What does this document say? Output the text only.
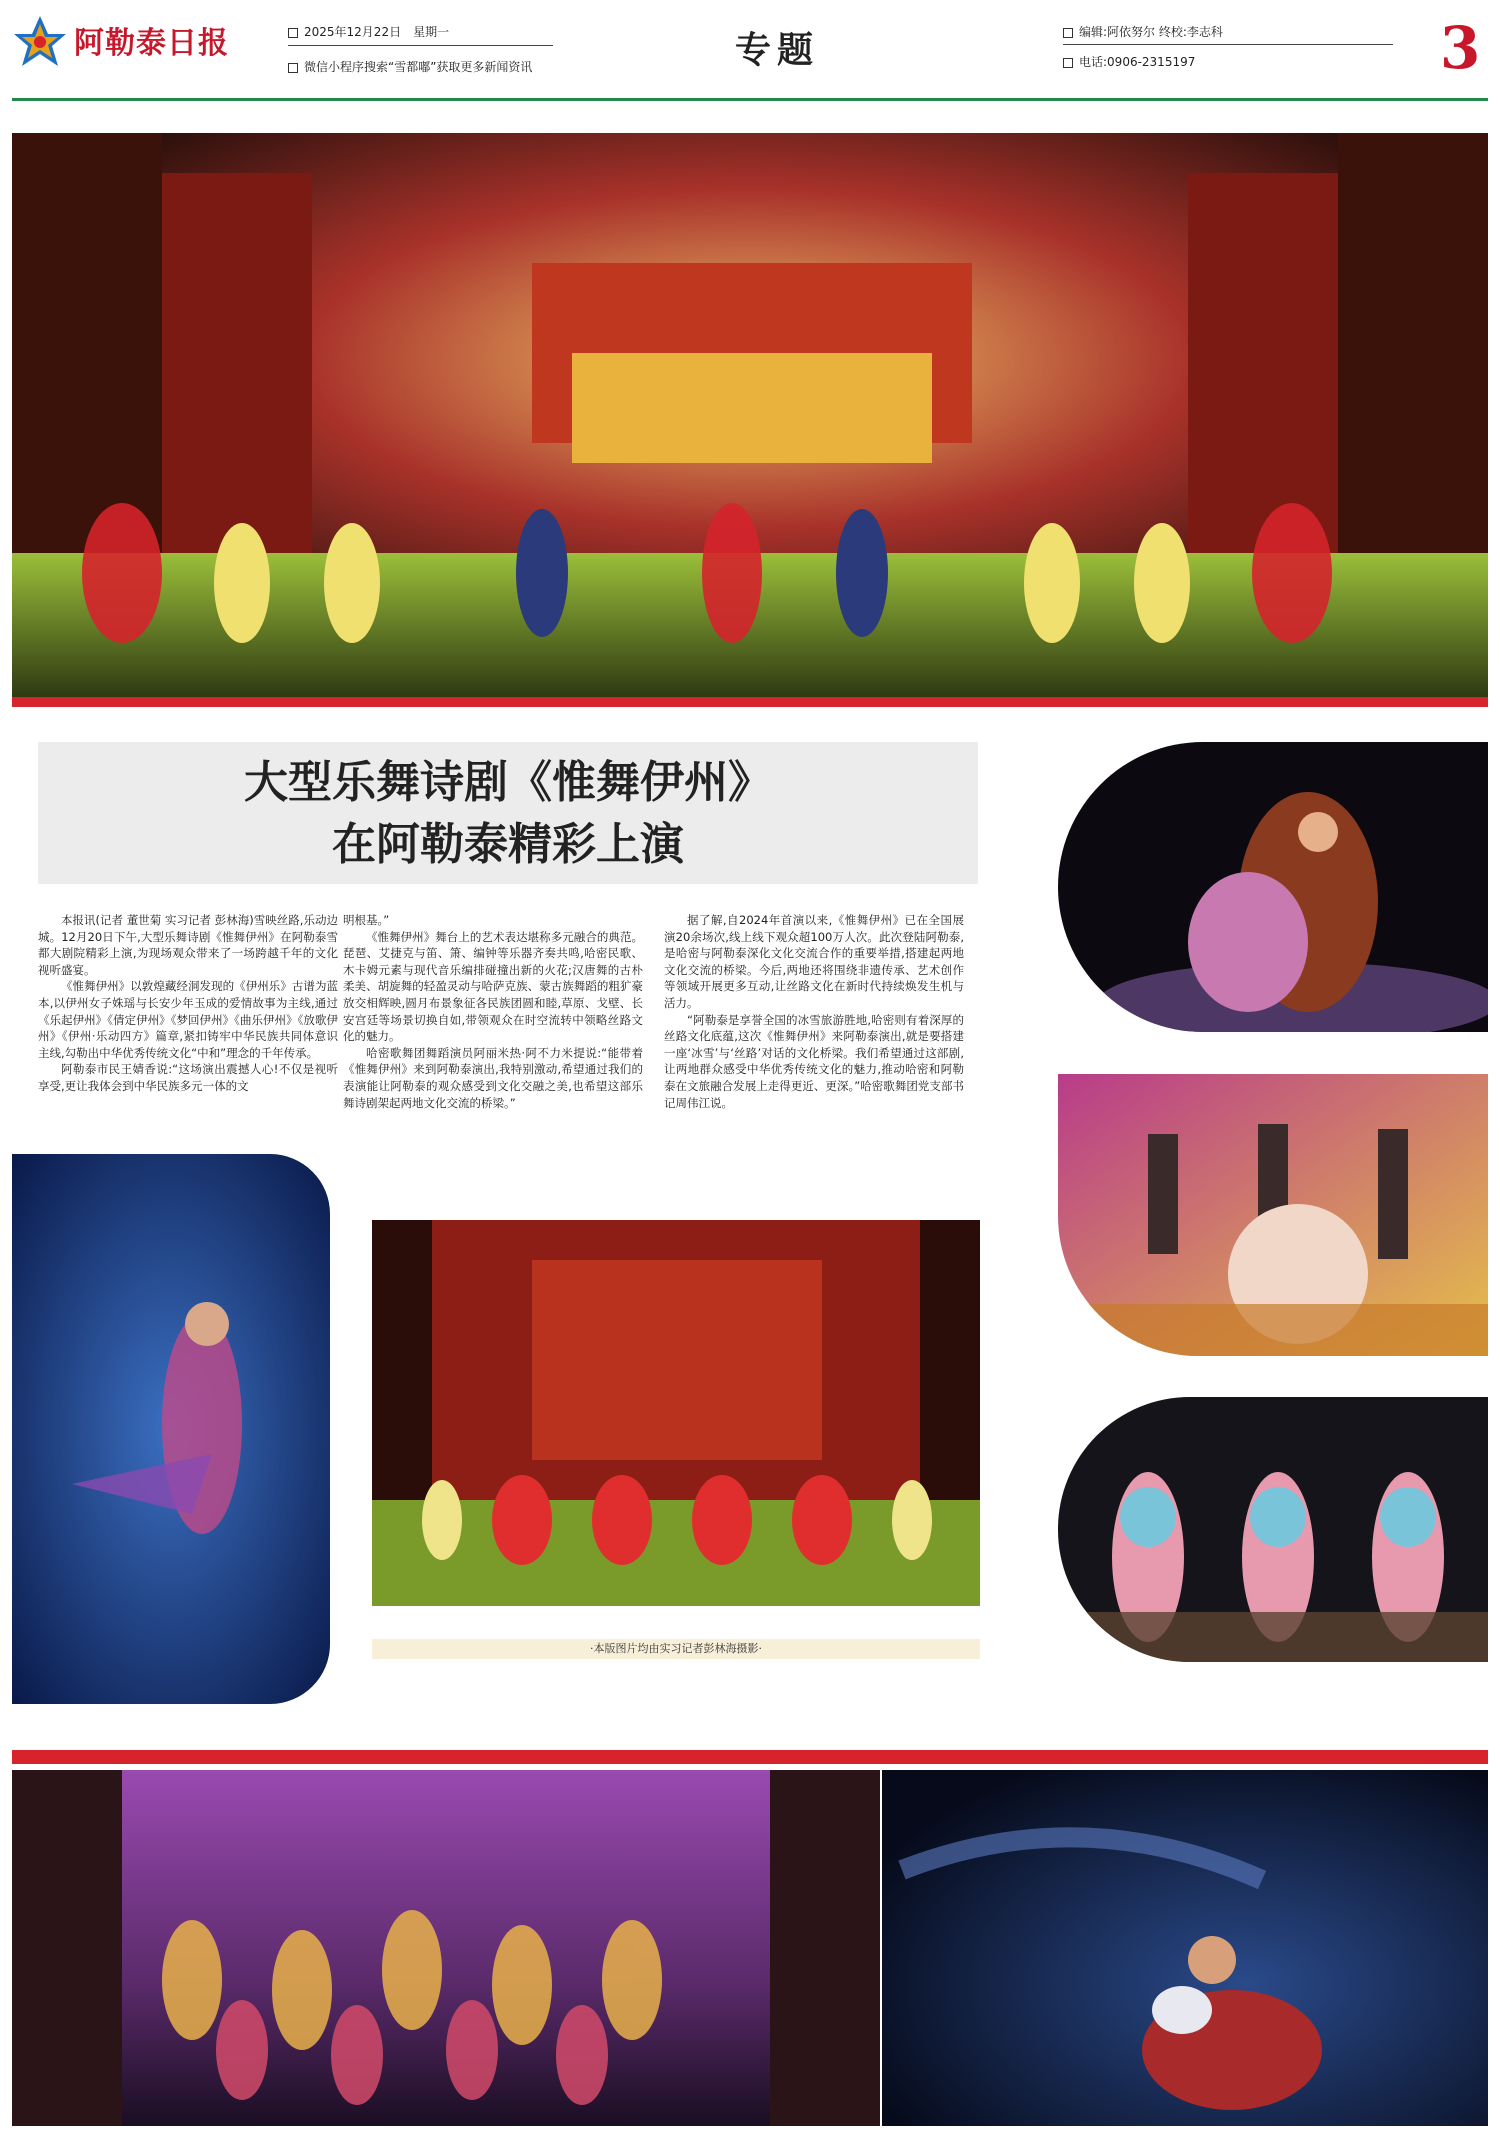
阿勒泰日报	2025年12月22日　星期一
微信小程序搜索“雪都嘟”获取更多新闻资讯	专题	编辑:阿依努尔 终校:李志科
电话:0906-2315197	3
大型乐舞诗剧《惟舞伊州》
在阿勒泰精彩上演

本报讯(记者 董世菊 实习记者 彭林海)雪映丝路,乐动边城。12月20日下午,大型乐舞诗剧《惟舞伊州》在阿勒泰雪都大剧院精彩上演,为现场观众带来了一场跨越千年的文化视听盛宴。

《惟舞伊州》以敦煌藏经洞发现的《伊州乐》古谱为蓝本,以伊州女子姝瑶与长安少年玉成的爱情故事为主线,通过《乐起伊州》《倩定伊州》《梦回伊州》《曲乐伊州》《放歌伊州》《伊州·乐动四方》篇章,紧扣铸牢中华民族共同体意识主线,勾勒出中华优秀传统文化“中和”理念的千年传承。

阿勒泰市民王婧香说:“这场演出震撼人心!不仅是视听享受,更让我体会到中华民族多元一体的文

明根基。”

《惟舞伊州》舞台上的艺术表达堪称多元融合的典范。琵琶、艾捷克与笛、箫、编钟等乐器齐奏共鸣,哈密民歌、木卡姆元素与现代音乐编排碰撞出新的火花;汉唐舞的古朴柔美、胡旋舞的轻盈灵动与哈萨克族、蒙古族舞蹈的粗犷豪放交相辉映,圆月布景象征各民族团圆和睦,草原、戈壁、长安宫廷等场景切换自如,带领观众在时空流转中领略丝路文化的魅力。

哈密歌舞团舞蹈演员阿丽米热·阿不力米提说:“能带着《惟舞伊州》来到阿勒泰演出,我特别激动,希望通过我们的表演能让阿勒泰的观众感受到文化交融之美,也希望这部乐舞诗剧架起两地文化交流的桥梁。”

据了解,自2024年首演以来,《惟舞伊州》已在全国展演20余场次,线上线下观众超100万人次。此次登陆阿勒泰,是哈密与阿勒泰深化文化交流合作的重要举措,搭建起两地文化交流的桥梁。今后,两地还将围绕非遗传承、艺术创作等领域开展更多互动,让丝路文化在新时代持续焕发生机与活力。

“阿勒泰是享誉全国的冰雪旅游胜地,哈密则有着深厚的丝路文化底蕴,这次《惟舞伊州》来阿勒泰演出,就是要搭建一座‘冰雪’与‘丝路’对话的文化桥梁。我们希望通过这部剧,让两地群众感受中华优秀传统文化的魅力,推动哈密和阿勒泰在文旅融合发展上走得更近、更深。”哈密歌舞团党支部书记周伟江说。

·本版图片均由实习记者彭林海摄影·
